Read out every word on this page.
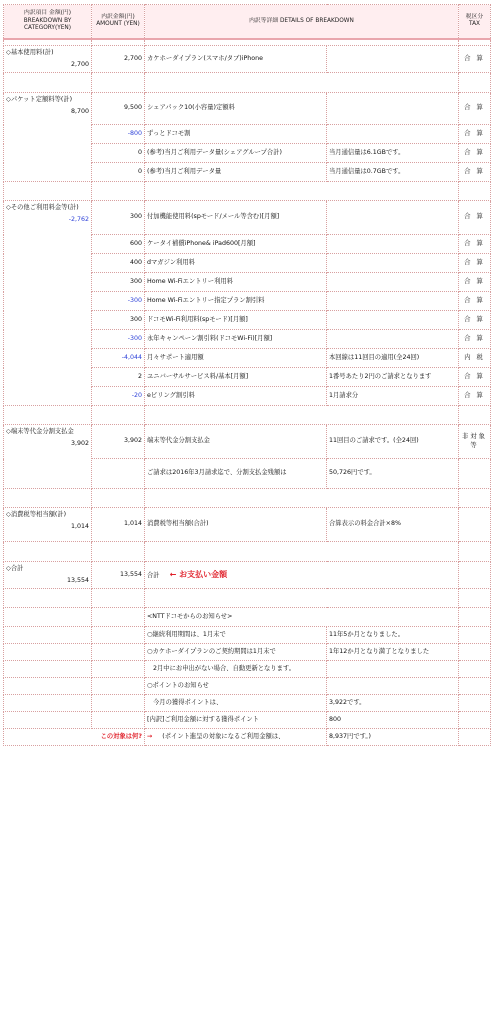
内訳項目 金額(円) BREAKDOWN BY CATEGORY(YEN)	内訳金額(円) AMOUNT (YEN)	内訳等詳細 DETAILS OF BREAKDOWN		税区分 TAX

◇基本使用料(計)
2,700	2,700	カケホーダイプラン(スマホ/タブ)iPhone		合 算

◇パケット定額料等(計)
8,700	9,500	シェアパック10(小容量)定額料		合 算
	-800	ずっとドコモ割		合 算
	0	(参考)当月ご利用データ量(シェアグループ合計)	当月通信量は6.1GBです。	合 算
	0	(参考)当月ご利用データ量	当月通信量は0.7GBです。	合 算

◇その他ご利用料金等(計)
-2,762	300	付加機能使用料(spモード/メール等含む)[月額]		合 算
	600	ケータイ補償iPhone& iPad600[月額]		合 算
	400	dマガジン利用料		合 算
	300	Home Wi-Fiエントリー利用料		合 算
	-300	Home Wi-Fiエントリー指定プラン割引料		合 算
	300	ドコモWi-Fi利用料(spモード)[月額]		合 算
	-300	永年キャンペーン割引料(ドコモWi-Fi)[月額]		合 算
	-4,044	月々サポート適用額	本回線は11回目の適用(全24回)	内 税
	2	ユニバーサルサービス料/基本[月額]	1番号あたり2円のご請求となります	合 算
	-20	eビリング割引料	1月請求分	合 算

◇端末等代金分割支払金
3,902	3,902	端末等代金分割支払金	11回目のご請求です。(全24回)	非対象等
		ご請求は2016年3月請求迄で、分割支払金残額は	50,726円です。	

◇消費税等相当額(計)
1,014	1,014	消費税等相当額(合計)	合算表示の料金合計×8%	

◇合計
13,554	13,554	合計 ← お支払い金額		

		<NTTドコモからのお知らせ>		
		○継続利用期間は、1月末で	11年5か月となりました。	
		○カケホーダイプランのご契約期間は1月末で	1年12か月となり満了となりました	
		2月中にお申出がない場合、自動更新となります。		
		○ポイントのお知らせ		
		今月の獲得ポイントは、	3,922です。	
		[内訳]ご利用金額に対する獲得ポイント	800	
この対象は何?		→ (ポイント進呈の対象になるご利用金額は、	8,937円です。)	
